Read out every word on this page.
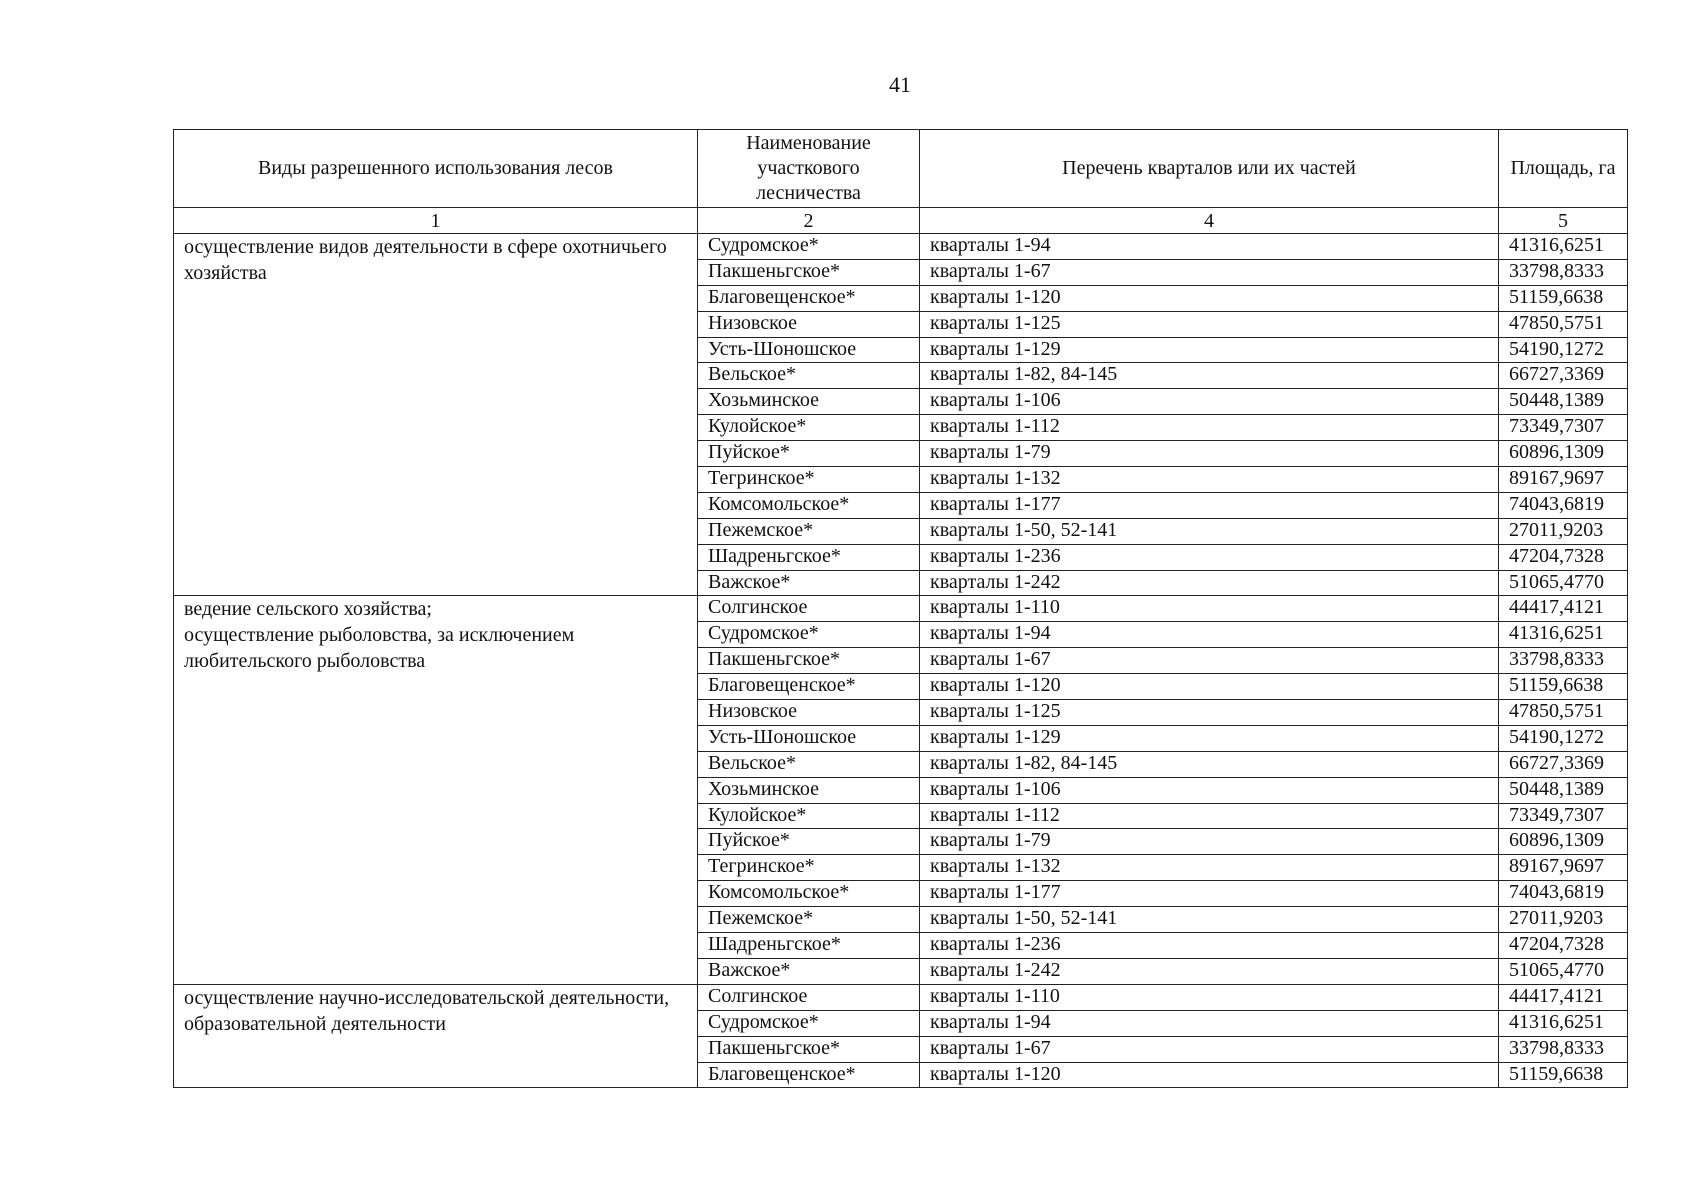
41
Виды разрешенного использования лесов	Наименование участкового лесничества	Перечень кварталов или их частей	Площадь, га
1	2	4	5

осуществление видов деятельности в сфере охотничьего хозяйства	Судромское*	кварталы 1-94	41316,6251
	Пакшеньгское*	кварталы 1-67	33798,8333
	Благовещенское*	кварталы 1-120	51159,6638
	Низовское	кварталы 1-125	47850,5751
	Усть-Шоношское	кварталы 1-129	54190,1272
	Вельское*	кварталы 1-82, 84-145	66727,3369
	Хозьминское	кварталы 1-106	50448,1389
	Кулойское*	кварталы 1-112	73349,7307
	Пуйское*	кварталы 1-79	60896,1309
	Тегринское*	кварталы 1-132	89167,9697
	Комсомольское*	кварталы 1-177	74043,6819
	Пежемское*	кварталы 1-50, 52-141	27011,9203
	Шадреньгское*	кварталы 1-236	47204,7328
	Важское*	кварталы 1-242	51065,4770

ведение сельского хозяйства;
осуществление рыболовства, за исключением любительского рыболовства	Солгинское	кварталы 1-110	44417,4121
	Судромское*	кварталы 1-94	41316,6251
	Пакшеньгское*	кварталы 1-67	33798,8333
	Благовещенское*	кварталы 1-120	51159,6638
	Низовское	кварталы 1-125	47850,5751
	Усть-Шоношское	кварталы 1-129	54190,1272
	Вельское*	кварталы 1-82, 84-145	66727,3369
	Хозьминское	кварталы 1-106	50448,1389
	Кулойское*	кварталы 1-112	73349,7307
	Пуйское*	кварталы 1-79	60896,1309
	Тегринское*	кварталы 1-132	89167,9697
	Комсомольское*	кварталы 1-177	74043,6819
	Пежемское*	кварталы 1-50, 52-141	27011,9203
	Шадреньгское*	кварталы 1-236	47204,7328
	Важское*	кварталы 1-242	51065,4770

осуществление научно-исследовательской деятельности, образовательной деятельности	Солгинское	кварталы 1-110	44417,4121
	Судромское*	кварталы 1-94	41316,6251
	Пакшеньгское*	кварталы 1-67	33798,8333
	Благовещенское*	кварталы 1-120	51159,6638
